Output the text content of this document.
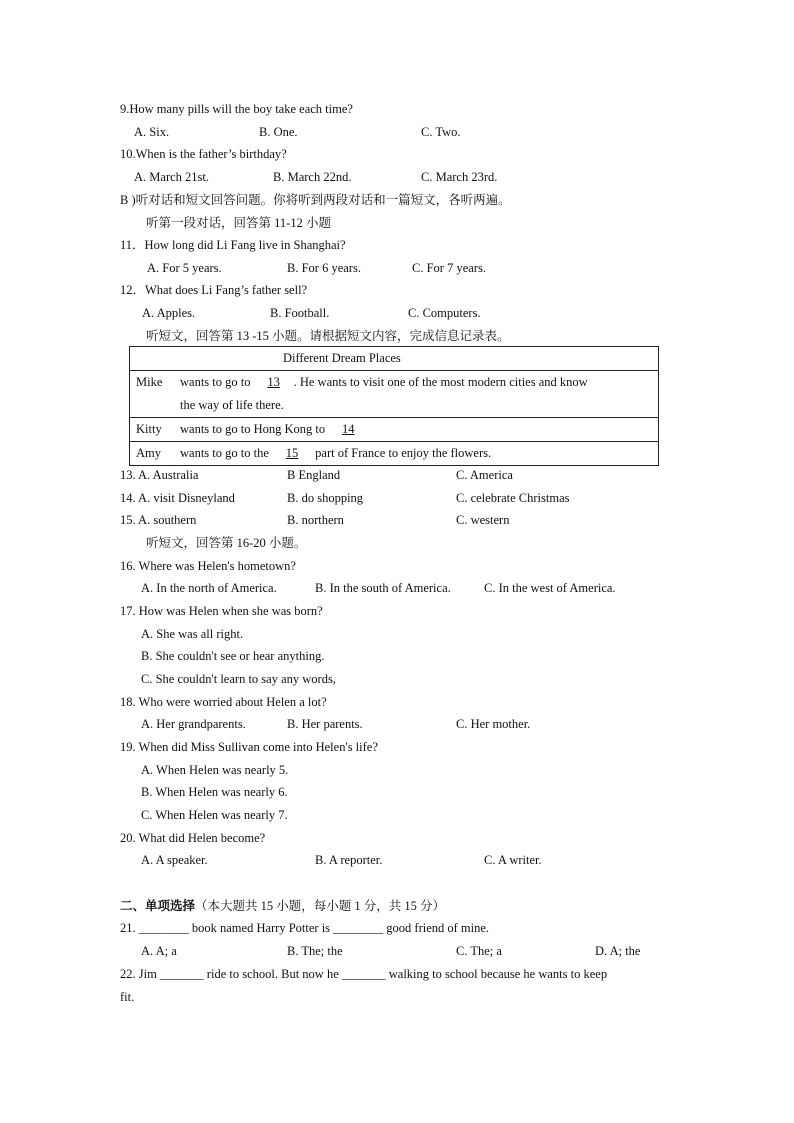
9.How many pills will the boy take each time?
A. Six.	B. One.	C. Two.
10.When is the father’s birthday?
A. March 21st.	B. March 22nd.	C. March 23rd.
B )听对话和短文回答问题。你将听到两段对话和一篇短文，各听两遍。
听第一段对话，回答第 11-12 小题
11．How long did Li Fang live in Shanghai?
A. For 5 years.	B. For 6 years.	C. For 7 years.
12．What does Li Fang’s father sell?
A. Apples.	B. Football.	C. Computers.
听短文，回答第 13 -15 小题。请根据短文内容，完成信息记录表。
Different Dream Places
Mike wants to go to 13 . He wants to visit one of the most modern cities and know
the way of life there.

Kitty wants to go to Hong Kong to 14
Amy wants to go to the 15 part of France to enjoy the flowers.
13. A. Australia	B England	C. America
14. A. visit Disneyland	B. do shopping	C. celebrate Christmas
15. A. southern	B. northern	C. western
听短文，回答第 16-20 小题。
16. Where was Helen's hometown?
A. In the north of America.	B. In the south of America.	C. In the west of America.
17. How was Helen when she was born?
A. She was all right.
B. She couldn't see or hear anything.
C. She couldn't learn to say any words,
18. Who were worried about Helen a lot?
A. Her grandparents.	B. Her parents.	C. Her mother.
19. When did Miss Sullivan come into Helen's life?
A. When Helen was nearly 5.
B. When Helen was nearly 6.
C. When Helen was nearly 7.
20. What did Helen become?
A. A speaker.	B. A reporter.	C. A writer.
二、单项选择（本大题共 15 小题，每小题 1 分，共 15 分）
21. ________ book named Harry Potter is ________ good friend of mine.
A. A; a	B. The; the	C. The; a	D. A; the
22. Jim _______ ride to school. But now he _______ walking to school because he wants to keep
fit.
